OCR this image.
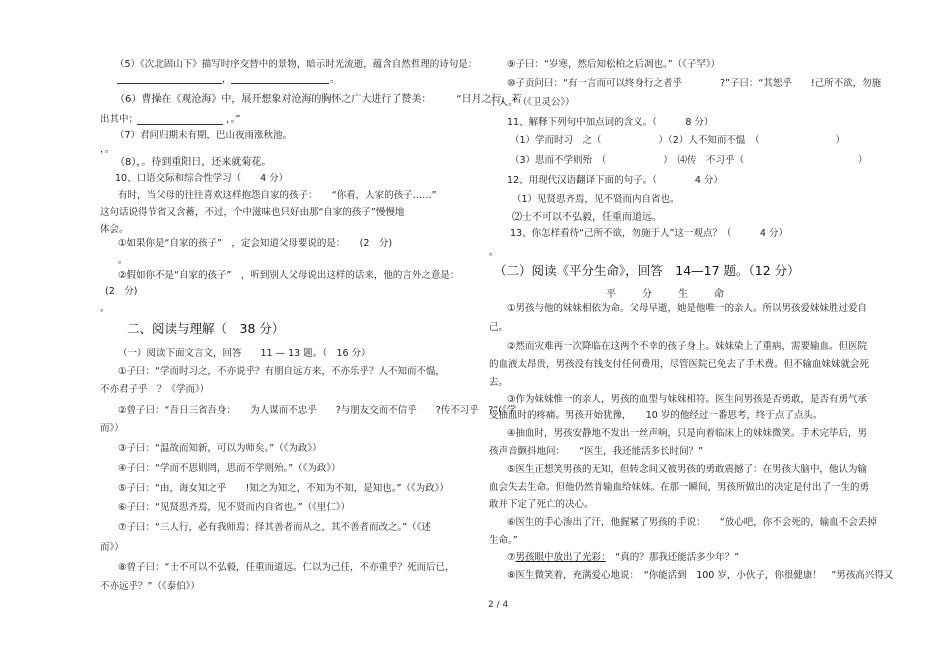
（5）《次北固山下》描写时序交替中的景物，暗示时光流逝，蕴含自然哲理的诗句是：
，	。
（6）曹操在《观沧海》中，展开想象对沧海的胸怀之广大进行了赞美：　　　“日月之行，若
出其中；	，。”
（7）君问归期未有期，巴山夜雨涨秋池。
，。
（8），。待到重阳日，还来就菊花。
10、口语交际和综合性学习（　　4 分）
有时，当父母的往往喜欢这样抱怨自家的孩子：　　“你看，人家的孩子……”
这句话说得节省又含蓄，不过，个中滋味也只好由那“自家的孩子”慢慢地
体会。
①如果你是“自家的孩子”　，定会知道父母要说的是：　　(2　分)
。
②假如你不是“自家的孩子”　，听到别人父母说出这样的话来，他的言外之意是：
(2　分)
。
二、阅读与理解（　38 分）
（一）阅读下面文言文，回答　　11 — 13 题。（　16 分）
①子曰：“学而时习之，不亦说乎？有朋自远方来，不亦乐乎？人不知而不愠，
不亦君子乎　？《学而》）
②曾子曰：“吾日三省吾身：　　为人谋而不忠乎　　?与朋友交而不信乎　　?传不习乎　?”(《学
而》）
③子曰：“温故而知新，可以为师矣。”（《为政》）
④子曰：“学而不思则罔，思而不学则殆。”（《为政》）
⑤子曰：“由，诲女知之乎　　!知之为知之，不知为不知，是知也。”（《为政》）
⑥子曰：“见贤思齐焉，见不贤而内自省也。”（《里仁》）
⑦子曰：“三人行，必有我师焉；择其善者而从之，其不善者而改之。”（《述
而》）
⑧曾子曰：“士不可以不弘毅，任重而道远。仁以为己任，不亦重乎？死而后已，
不亦远乎？”（《泰伯》）
⑨子曰：“岁寒，然后知松柏之后凋也。”（《子罕》）
⑩子贡问曰：“有一言而可以终身行之者乎　　　　?”子曰：“其恕乎　　!己所不欲，勿施
于人。”（《卫灵公》）
11、解释下列句中加点词的含义。（　　　8 分）
（1）学而时习　之（　　　　　　）（2）人不知而不愠　（　　　　　　　　）
（3）思而不学则殆　（　　　　　　）　⑷传　不习乎（　　　　　　　　　　　　）
12、用现代汉语翻译下面的句子。（　　　　4 分）
（1）见贤思齐焉，见不贤而内自省也。
⑵士不可以不弘毅，任重而道远。
13、你怎样看待“己所不欲，勿施于人”这一观点？（　　　4 分）
。
（二）阅读《平分生命》，回答　14—17 题。（12 分）
平分生命
①男孩与他的妹妹相依为命。父母早逝，她是他唯一的亲人。所以男孩爱妹妹胜过爱自
己。
②然而灾难再一次降临在这两个不幸的孩子身上。妹妹染上了重病，需要输血。但医院
的血液太昂贵，男孩没有钱支付任何费用，尽管医院已免去了手术费。但不输血妹妹就会死
去。
③作为妹妹惟一的亲人，男孩的血型与妹妹相符。医生问男孩是否勇敢，是否有勇气承
受抽血时的疼痛。男孩开始犹豫，　　10 岁的他经过一番思考，终于点了点头。
④抽血时，男孩安静地不发出一丝声响，只是向着临床上的妹妹微笑。手术完毕后，男
孩声音颤抖地问：　　“医生，我还能活多长时间？”
⑤医生正想笑男孩的无知，但转念间又被男孩的勇敢震撼了：在男孩大脑中，他认为输
血会失去生命。但他仍然肯输血给妹妹。在那一瞬间，男孩所做出的决定是付出了一生的勇
敢并下定了死亡的决心。
⑥医生的手心渗出了汗，他握紧了男孩的手说：　　“放心吧，你不会死的，输血不会丢掉
生命。”
⑦男孩眼中放出了光彩：　“真的？那我还能活多少年？”
⑧医生微笑着，充满爱心地说：　“你能活到　100 岁，小伙子，你很健康！　”男孩高兴得又
2 / 4
